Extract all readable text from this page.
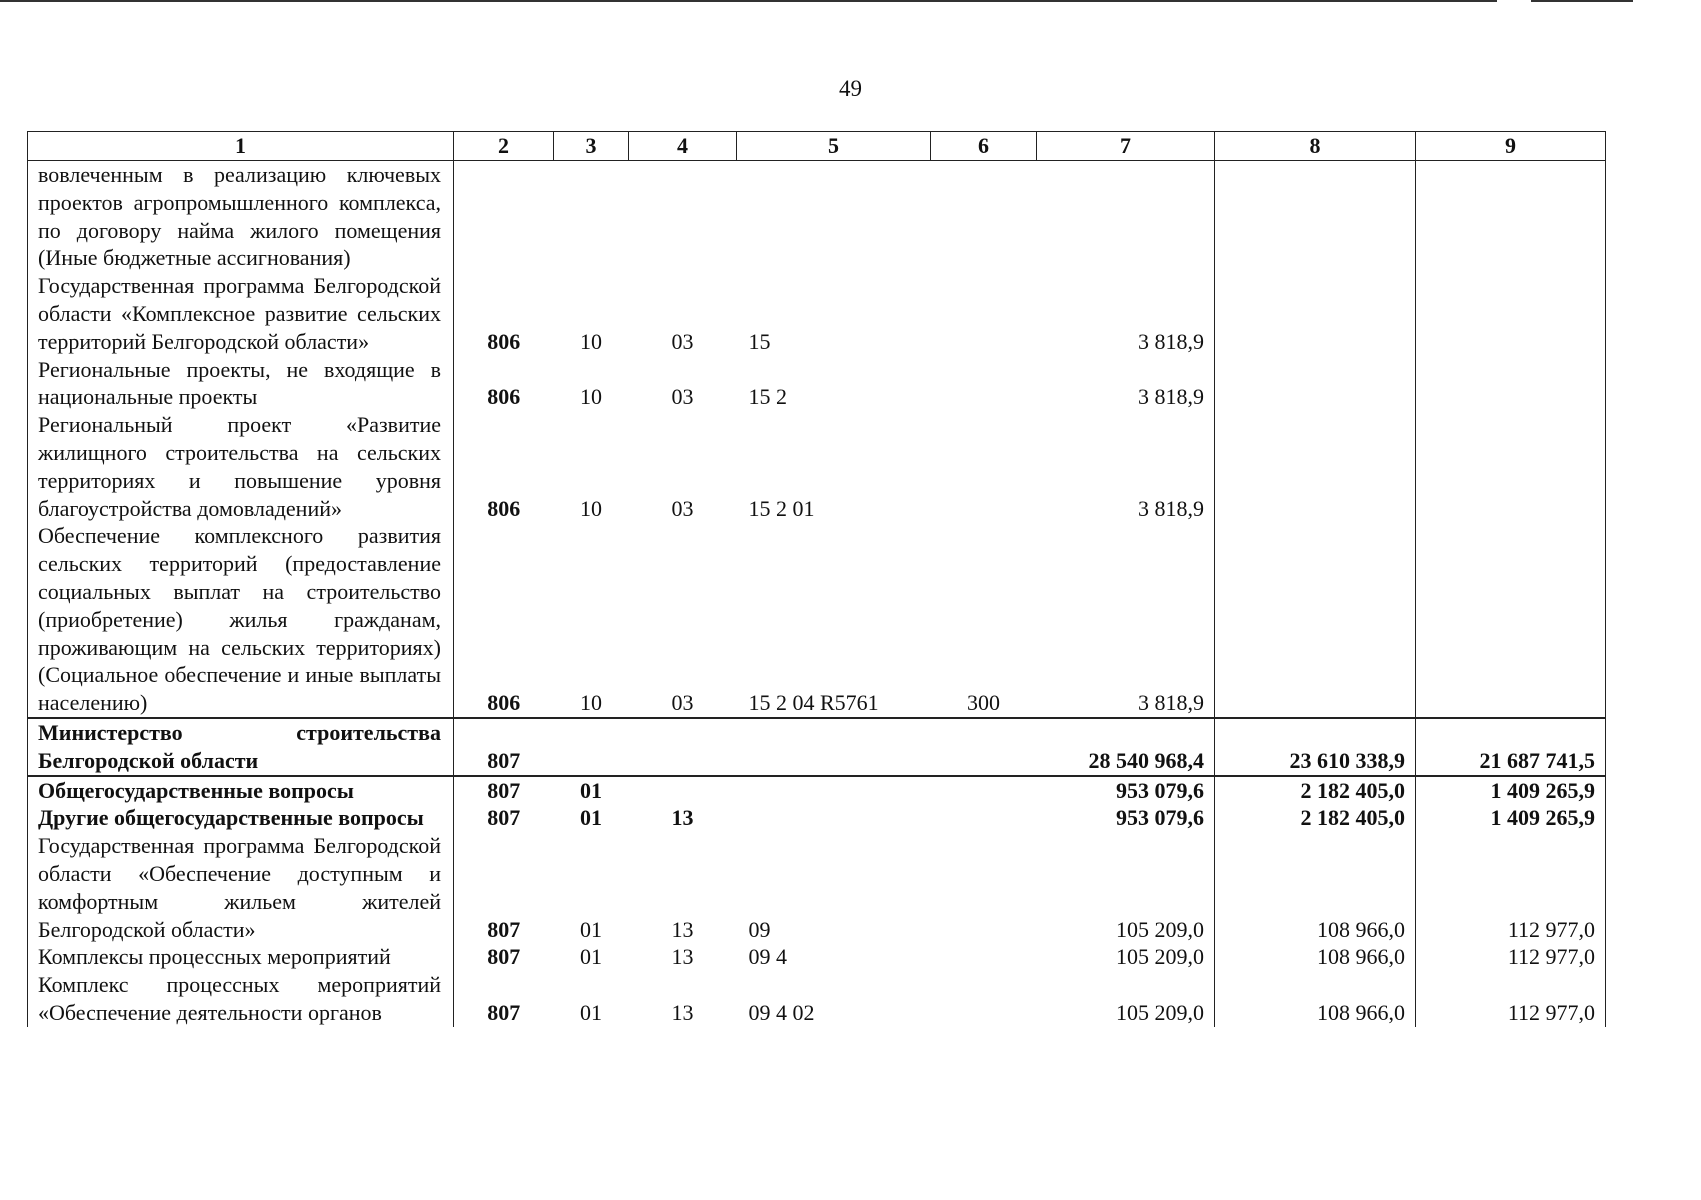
49
1	2	3	4	5	6	7	8	9
вовлеченным в реализацию ключевых проектов агропромышленного комплекса, по договору найма жилого помещения (Иные бюджетные ассигнования)								
Государственная программа Белгородской области «Комплексное развитие сельских территорий Белгородской области»	806	10	03	15		3 818,9		
Региональные проекты, не входящие в национальные проекты	806	10	03	15 2		3 818,9		
Региональный проект «Развитие жилищного строительства на сельских территориях и повышение уровня благоустройства домовладений»	806	10	03	15 2 01		3 818,9		
Обеспечение комплексного развития сельских территорий (предоставление социальных выплат на строительство (приобретение) жилья гражданам, проживающим на сельских территориях) (Социальное обеспечение и иные выплаты населению)	806	10	03	15 2 04 R5761	300	3 818,9		
Министерство строительства Белгородской области	807					28 540 968,4	23 610 338,9	21 687 741,5
Общегосударственные вопросы	807	01				953 079,6	2 182 405,0	1 409 265,9
Другие общегосударственные вопросы	807	01	13			953 079,6	2 182 405,0	1 409 265,9
Государственная программа Белгородской области «Обеспечение доступным и комфортным жильем жителей Белгородской области»	807	01	13	09		105 209,0	108 966,0	112 977,0
Комплексы процессных мероприятий	807	01	13	09 4		105 209,0	108 966,0	112 977,0
Комплекс процессных мероприятий «Обеспечение деятельности органов	807	01	13	09 4 02		105 209,0	108 966,0	112 977,0
